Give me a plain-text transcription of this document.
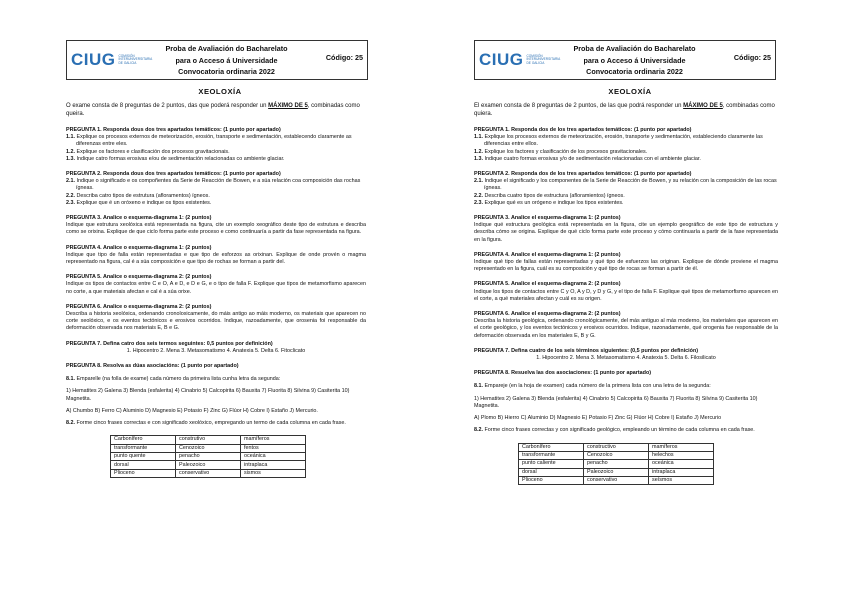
CIUG COMISIÓN INTERUNIVERSITARIA DE GALICIA
Proba de Avaliación do Bacharelato
para o Acceso á Universidade
Convocatoria ordinaria 2022
Código: 25
XEOLOXÍA
O exame consta de 8 preguntas de 2 puntos, das que poderá responder un MÁXIMO DE 5, combinadas como queira.
PREGUNTA 1. Responda dous dos tres apartados temáticos: (1 punto por apartado)
1.1. Explique os procesos externos de meteorización, erosión, transporte e sedimentación, establecendo claramente as diferenzas entre eles.
1.2. Explique os factores e clasificación dos procesos gravitacionais.
1.3. Indique catro formas erosivas e/ou de sedimentación relacionadas co ambiente glaciar.
PREGUNTA 2. Responda dous dos tres apartados temáticos: (1 punto por apartado)
2.1. Indique o significado e os compoñentes da Serie de Reacción de Bowen, e a súa relación coa composición das rochas ígneas.
2.2. Describa catro tipos de estrutura (afloramentos) ígneos.
2.3. Explique que é un oróxeno e indique os tipos existentes.
PREGUNTA 3. Analice o esquema-diagrama 1: (2 puntos)
Indique que estrutura xeolóxica está representada na figura, cite un exemplo xeográfico deste tipo de estrutura e describa como se orixina. Explique de que ciclo forma parte este proceso e como continuaría a partir da fase representada na figura.
PREGUNTA 4. Analice o esquema-diagrama 1: (2 puntos)
Indique que tipo de falla están representadas e que tipo de esforzos as orixinan. Explique de onde provén o magma representado na figura, cal é a súa composición e que tipo de rochas se forman a partir del.
PREGUNTA 5. Analice o esquema-diagrama 2: (2 puntos)
Indique os tipos de contactos entre C e O, A e D, e D e G, e o tipo de falla F. Explique que tipos de metamorfismo aparecen no corte, a que materiais afectan e cal é a súa orixe.
PREGUNTA 6. Analice o esquema-diagrama 2: (2 puntos)
Describa a historia xeolóxica, ordenando cronoloxicamente, do máis antigo ao máis moderno, os materiais que aparecen no corte xeolóxico, e os eventos tectónicos e erosivos ocorridos. Indique, razoadamente, que orosenia foi responsable da deformación observada nos materiais E, B e G.
PREGUNTA 7. Defina catro dos seis termos seguintes: 0,5 puntos por definición)
1. Hipocentro 2. Mena 3. Metasomatismo 4. Anatexia 5. Delta 6. Fitoclicato
PREGUNTA 8. Resolva as dúas asociacións: (1 punto por apartado)
8.1. Emparelle (na folla de exame) cada número da primeira lista cunha letra da segunda:
1) Hematites 2) Galena 3) Blenda (esfalerita) 4) Cinabrio 5) Calcopirita 6) Bauxita 7) Fluorita 8) Silvina 9) Casiterita 10) Magnetita.
A) Chumbo B) Ferro C) Aluminio D) Magnesio E) Potasio F) Zinc G) Flúor H) Cobre I) Estaño J) Mercurio.
8.2. Forme cinco frases correctas e con significado xeolóxico, empregando un termo de cada columna en cada frase.
Carbonífero	construtivo	mamíferos
transformante	Cenozoico	fentos
punto quente	penacho	oceánica
dorsal	Paleozoico	intraplaca
Plioceno	conservativo	sismos
CIUG COMISIÓN INTERUNIVERSITARIA DE GALICIA
Proba de Avaliación do Bacharelato
para o Acceso á Universidade
Convocatoria ordinaria 2022
Código: 25
XEOLOXÍA
El examen consta de 8 preguntas de 2 puntos, de las que podrá responder un MÁXIMO DE 5, combinadas como quiera.
PREGUNTA 1. Responda dos de los tres apartados temáticos: (1 punto por apartado)
1.1. Explique los procesos externos de meteorización, erosión, transporte y sedimentación, estableciendo claramente las diferencias entre ellos.
1.2. Explique los factores y clasificación de los procesos gravitacionales.
1.3. Indique cuatro formas erosivas y/o de sedimentación relacionadas con el ambiente glaciar.
PREGUNTA 2. Responda dos de los tres apartados temáticos: (1 punto por apartado)
2.1. Indique el significado y los componentes de la Serie de Reacción de Bowen, y su relación con la composición de las rocas ígneas.
2.2. Describa cuatro tipos de estructura (afloramientos) ígneos.
2.3. Explique qué es un orógeno e indique los tipos existentes.
PREGUNTA 3. Analice el esquema-diagrama 1: (2 puntos)
Indique qué estructura geológica está representada en la figura, cite un ejemplo geográfico de este tipo de estructura y describa cómo se origina. Explique de qué ciclo forma parte este proceso y cómo continuaría a partir de la fase representada en la figura.
PREGUNTA 4. Analice el esquema-diagrama 1: (2 puntos)
Indique qué tipo de fallas están representadas y qué tipo de esfuerzos las originan. Explique de dónde proviene el magma representado en la figura, cuál es su composición y qué tipo de rocas se forman a partir de él.
PREGUNTA 5. Analice el esquema-diagrama 2: (2 puntos)
Indique los tipos de contactos entre C y O, A y D, y D y G, y el tipo de falla F. Explique qué tipos de metamorfismo aparecen en el corte, a qué materiales afectan y cuál es su origen.
PREGUNTA 6. Analice el esquema-diagrama 2: (2 puntos)
Describa la historia geológica, ordenando cronológicamente, del más antiguo al más moderno, los materiales que aparecen en el corte geológico, y los eventos tectónicos y erosivos ocurridos. Indique, razonadamente, qué orogenia fue responsable de la deformación observada en los materiales E, B y G.
PREGUNTA 7. Defina cuatro de los seis términos siguientes: (0,5 puntos por definición)
1. Hipocentro 2. Mena 3. Metasomatismo 4. Anatexia 5. Delta 6. Filosilicato
PREGUNTA 8. Resuelva las dos asociaciones: (1 punto por apartado)
8.1. Empareje (en la hoja de examen) cada número de la primera lista con una letra de la segunda:
1) Hematites 2) Galena 3) Blenda (esfalerita) 4) Cinabrio 5) Calcopirita 6) Bauxita 7) Fluorita 8) Silvina 9) Casiterita 10) Magnetita.
A) Plomo B) Hierro C) Aluminio D) Magnesio E) Potasio F) Zinc G) Flúor H) Cobre I) Estaño J) Mercurio
8.2. Forme cinco frases correctas y con significado geológico, empleando un término de cada columna en cada frase.
Carbonífero	constructivo	mamíferos
transformante	Cenozoico	helechos
punto caliente	penacho	oceánica
dorsal	Paleozoico	intraplaca
Plioceno	conservativo	seísmos
